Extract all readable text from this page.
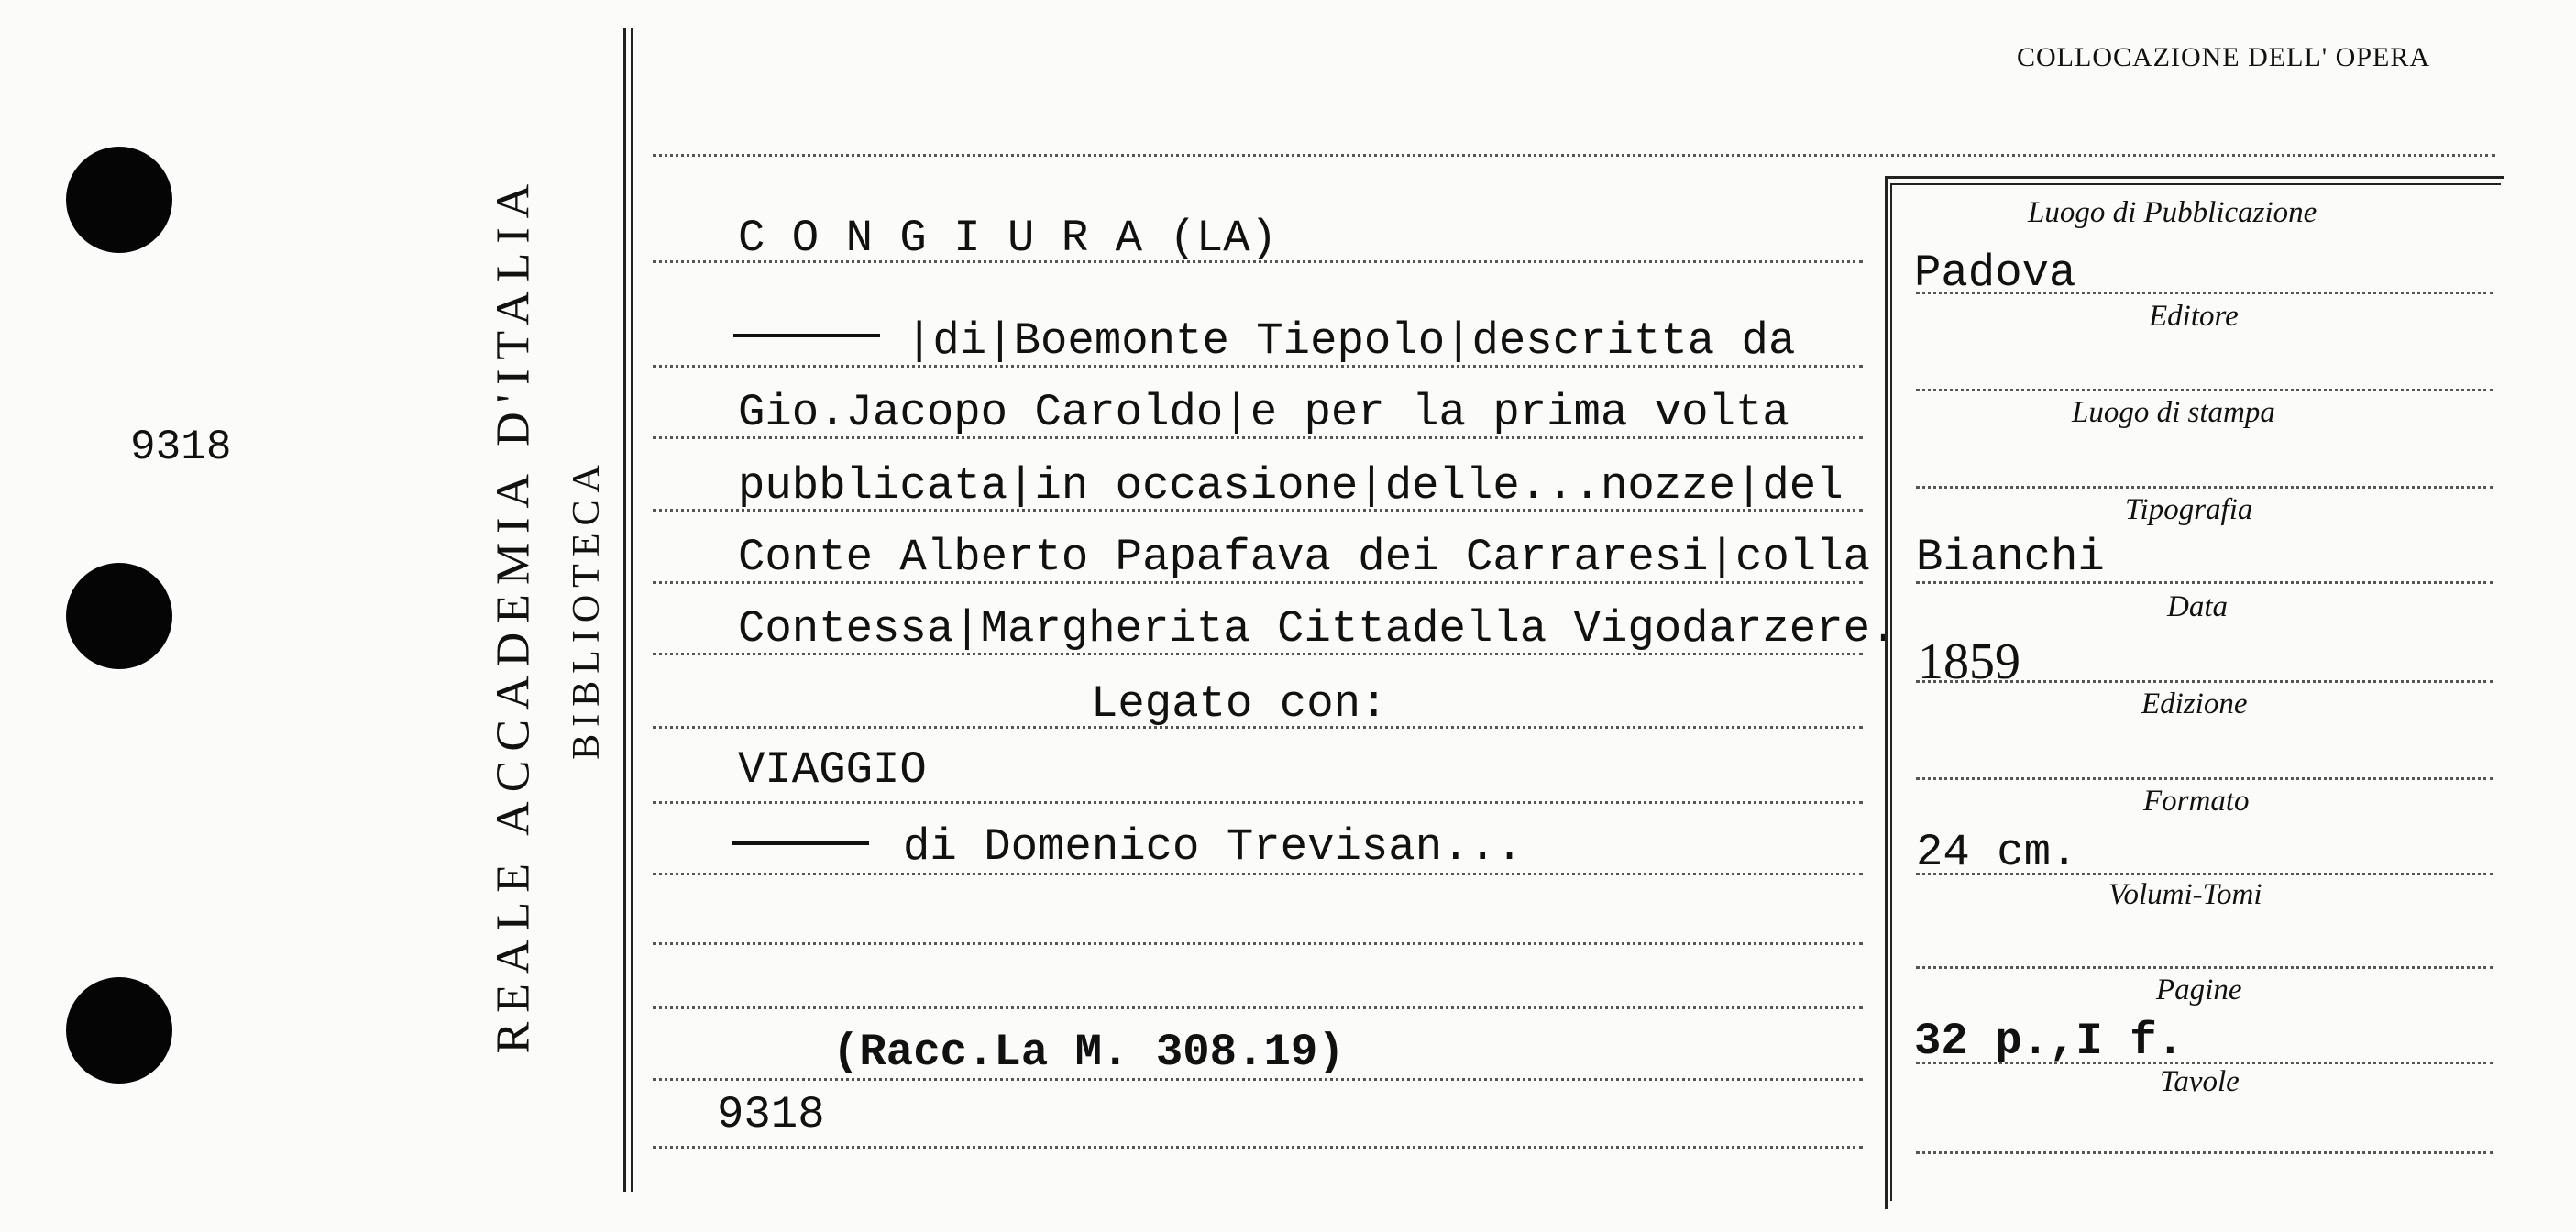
9318	REALE ACCADEMIA D'ITALIA BIBLIOTECA
COLLOCAZIONE DELL' OPERA
C O N G I U R A (LA)
|di|Boemonte Tiepolo|descritta da
Gio.Jacopo Caroldo|e per la prima volta
pubblicata|in occasione|delle...nozze|del
Conte Alberto Papafava dei Carraresi|colla
Contessa|Margherita Cittadella Vigodarzere.
Legato con:
VIAGGIO
di Domenico Trevisan...
(Racc.La M. 308.19)
9318
Luogo di Pubblicazione
Padova
Editore
Luogo di stampa
Tipografia
Bianchi
Data
1859
Edizione
Formato
24 cm.
Volumi-Tomi
Pagine
32 p.,I f.
Tavole
